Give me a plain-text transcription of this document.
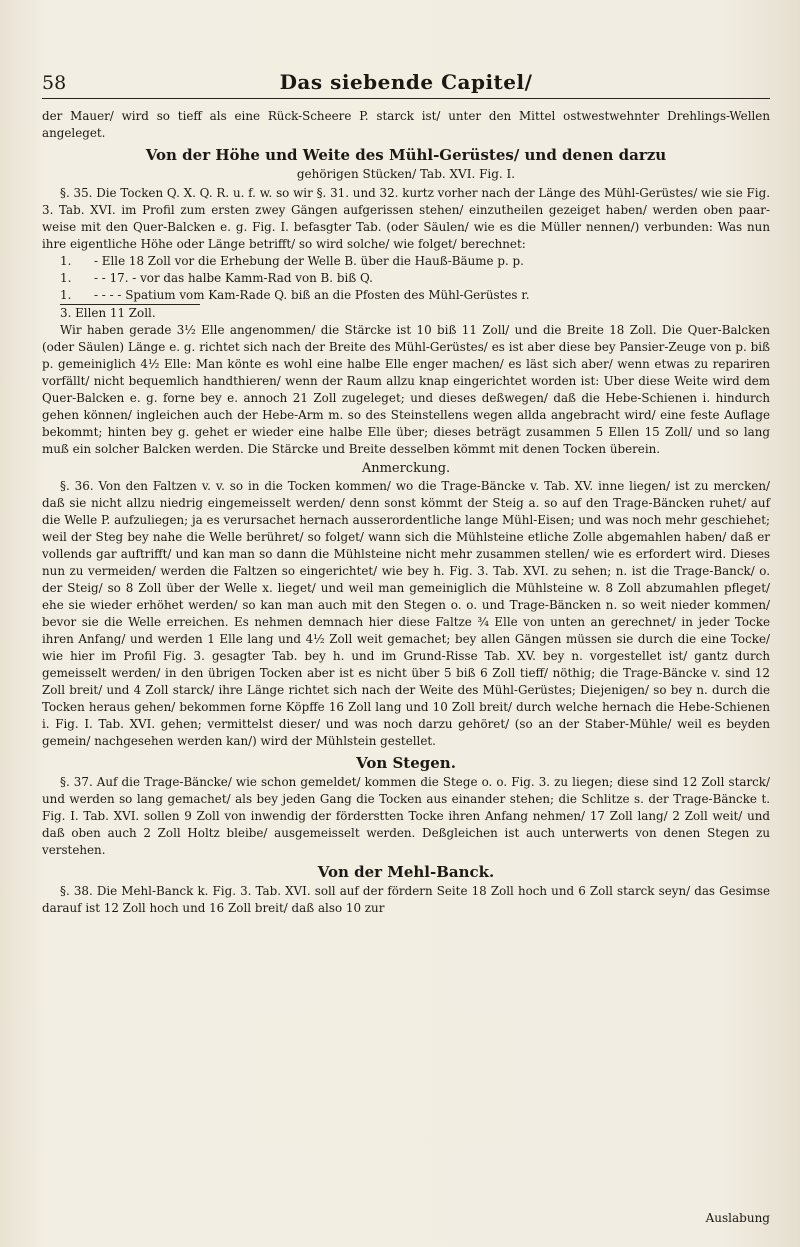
58	Das siebende Capitel/

der Mauer/ wird so tieff als eine Rück-Scheere P. starck ist/ unter den Mittel ostwestwehnter Drehlings-Wellen angeleget.

Von der Höhe und Weite des Mühl-Gerüstes/ und denen darzu
gehörigen Stücken/ Tab. XVI. Fig. I.

§. 35. Die Tocken Q. X. Q. R. u. f. w. so wir §. 31. und 32. kurtz vorher nach der Länge des Mühl-Gerüstes/ wie sie Fig. 3. Tab. XVI. im Profil zum ersten zwey Gängen aufgerissen stehen/ einzutheilen gezeiget haben/ werden oben paar-weise mit den Quer-Balcken e. g. Fig. I. befasgter Tab. (oder Säulen/ wie es die Müller nennen/) verbunden: Was nun ihre eigentliche Höhe oder Länge betrifft/ so wird solche/ wie folget/ berechnet:

1.	- Elle 18 Zoll vor die Erhebung der Welle B. über die Hauß-Bäume p. p.
1.	- - 17. - vor das halbe Kamm-Rad von B. biß Q.
1.	- - - - Spatium vom Kam-Rade Q. biß an die Pfosten des Mühl-Gerüstes r.
3. Ellen 11 Zoll.

Wir haben gerade 3½ Elle angenommen/ die Stärcke ist 10 biß 11 Zoll/ und die Breite 18 Zoll. Die Quer-Balcken (oder Säulen) Länge e. g. richtet sich nach der Breite des Mühl-Gerüstes/ es ist aber diese bey Pansier-Zeuge von p. biß p. gemeiniglich 4½ Elle: Man könte es wohl eine halbe Elle enger machen/ es läst sich aber/ wenn etwas zu repariren vorfällt/ nicht bequemlich handthieren/ wenn der Raum allzu knap eingerichtet worden ist: Uber diese Weite wird dem Quer-Balcken e. g. forne bey e. annoch 21 Zoll zugeleget; und dieses deßwegen/ daß die Hebe-Schienen i. hindurch gehen können/ ingleichen auch der Hebe-Arm m. so des Steinstellens wegen allda angebracht wird/ eine feste Auflage bekommt; hinten bey g. gehet er wieder eine halbe Elle über; dieses beträgt zusammen 5 Ellen 15 Zoll/ und so lang muß ein solcher Balcken werden. Die Stärcke und Breite desselben kömmt mit denen Tocken überein.

Anmerckung.

§. 36. Von den Faltzen v. v. so in die Tocken kommen/ wo die Trage-Bäncke v. Tab. XV. inne liegen/ ist zu mercken/ daß sie nicht allzu niedrig eingemeisselt werden/ denn sonst kömmt der Steig a. so auf den Trage-Bäncken ruhet/ auf die Welle P. aufzuliegen; ja es verursachet hernach ausserordentliche lange Mühl-Eisen; und was noch mehr geschiehet; weil der Steg bey nahe die Welle berühret/ so folget/ wann sich die Mühlsteine etliche Zolle abgemahlen haben/ daß er vollends gar auftrifft/ und kan man so dann die Mühlsteine nicht mehr zusammen stellen/ wie es erfordert wird. Dieses nun zu vermeiden/ werden die Faltzen so eingerichtet/ wie bey h. Fig. 3. Tab. XVI. zu sehen; n. ist die Trage-Banck/ o. der Steig/ so 8 Zoll über der Welle x. lieget/ und weil man gemeiniglich die Mühlsteine w. 8 Zoll abzumahlen pfleget/ ehe sie wieder erhöhet werden/ so kan man auch mit den Stegen o. o. und Trage-Bäncken n. so weit nieder kommen/ bevor sie die Welle erreichen. Es nehmen demnach hier diese Faltze ¾ Elle von unten an gerechnet/ in jeder Tocke ihren Anfang/ und werden 1 Elle lang und 4½ Zoll weit gemachet; bey allen Gängen müssen sie durch die eine Tocke/ wie hier im Profil Fig. 3. gesagter Tab. bey h. und im Grund-Risse Tab. XV. bey n. vorgestellet ist/ gantz durch gemeisselt werden/ in den übrigen Tocken aber ist es nicht über 5 biß 6 Zoll tieff/ nöthig; die Trage-Bäncke v. sind 12 Zoll breit/ und 4 Zoll starck/ ihre Länge richtet sich nach der Weite des Mühl-Gerüstes; Diejenigen/ so bey n. durch die Tocken heraus gehen/ bekommen forne Köpffe 16 Zoll lang und 10 Zoll breit/ durch welche hernach die Hebe-Schienen i. Fig. I. Tab. XVI. gehen; vermittelst dieser/ und was noch darzu gehöret/ (so an der Staber-Mühle/ weil es beyden gemein/ nachgesehen werden kan/) wird der Mühlstein gestellet.

Von Stegen.

§. 37. Auf die Trage-Bäncke/ wie schon gemeldet/ kommen die Stege o. o. Fig. 3. zu liegen; diese sind 12 Zoll starck/ und werden so lang gemachet/ als bey jeden Gang die Tocken aus einander stehen; die Schlitze s. der Trage-Bäncke t. Fig. I. Tab. XVI. sollen 9 Zoll von inwendig der förderstten Tocke ihren Anfang nehmen/ 17 Zoll lang/ 2 Zoll weit/ und daß oben auch 2 Zoll Holtz bleibe/ ausgemeisselt werden. Deßgleichen ist auch unterwerts von denen Stegen zu verstehen.

Von der Mehl-Banck.

§. 38. Die Mehl-Banck k. Fig. 3. Tab. XVI. soll auf der fördern Seite 18 Zoll hoch und 6 Zoll starck seyn/ das Gesimse darauf ist 12 Zoll hoch und 16 Zoll breit/ daß also 10 zur

Auslabung
